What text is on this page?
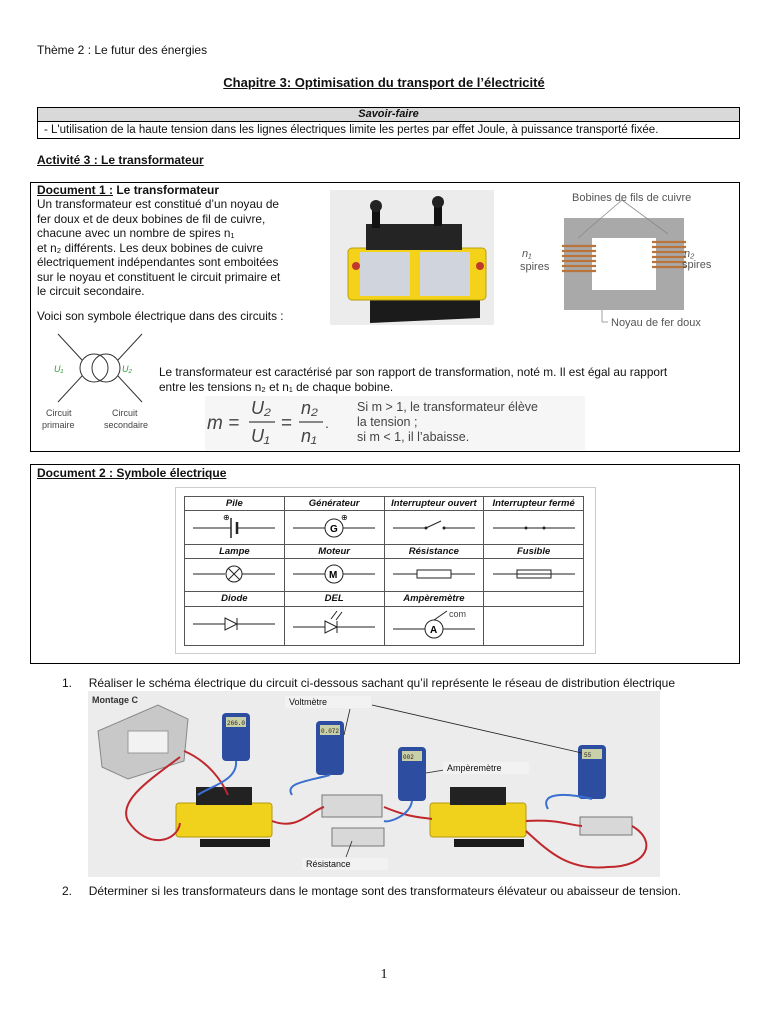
Thème 2 : Le futur des énergies
Chapitre 3: Optimisation du transport de l’électricité
Savoir-faire
- L'utilisation de la haute tension dans les lignes électriques limite les pertes par effet Joule, à puissance transporté fixée.
Activité 3 : Le transformateur
Document 1 : Le transformateur
Un transformateur est constitué d’un noyau de
fer doux et de deux bobines de fil de cuivre,
chacune avec un nombre de spires n₁
et n₂ différents. Les deux bobines de cuivre
électriquement indépendantes sont emboitées
sur le noyau et constituent le circuit primaire et
le circuit secondaire.
Voici son symbole électrique dans des circuits :
Bobines de fils de cuivre
n₁
spires
n₂
spires
Noyau de fer doux
U₁	U₂
Circuit
primaire
Circuit
secondaire
Le transformateur est caractérisé par son rapport de transformation, noté m. Il est égal au rapport
entre les tensions n₂ et n₁ de chaque bobine.
m =
U₂
U₁
=
n₂
n₁
.
Si m > 1, le transformateur élève
la tension ;
si m < 1, il l’abaisse.
Document 2 : Symbole électrique
Pile	Générateur	Interrupteur ouvert	Interrupteur fermé

⊕	G
⊕

Lampe	Moteur	Résistance	Fusible

M

Diode	DEL	Ampèremètre	

A
com	

1. Réaliser le schéma électrique du circuit ci-dessous sachant qu’il représente le réseau de distribution électrique
Montage C
266.0
0.072
002	55
Voltmètre
Ampèremètre
Résistance
2. Déterminer si les transformateurs dans le montage sont des transformateurs élévateur ou abaisseur de tension.
1
